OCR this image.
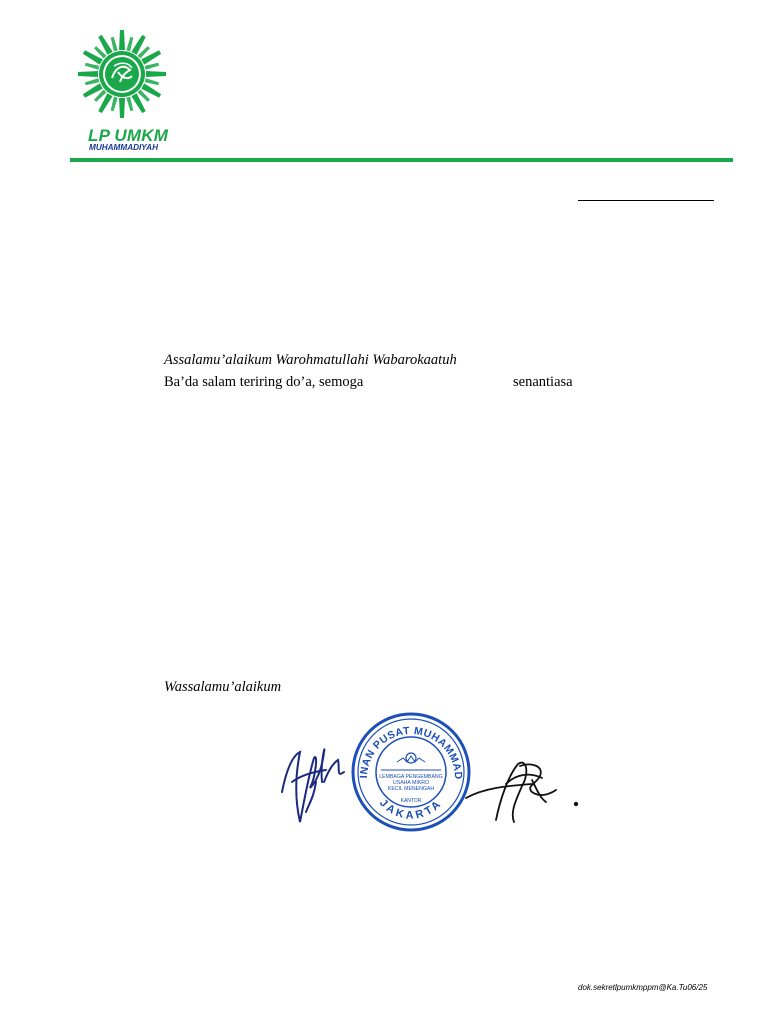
LP UMKM
MUHAMMADIYAH
Assalamu’alaikum Warohmatullahi Wabarokaatuh
Ba’da salam teriring do’a, semoga	senantiasa
Wassalamu’alaikum
PIMPINAN PUSAT MUHAMMADIYAH
JAKARTA
LEMBAGA PENGEMBANG
USAHA MIKRO
KECIL MENENGAH
KANTOR
dok.sekretlpumkmppm@Ka.Tu06/25
